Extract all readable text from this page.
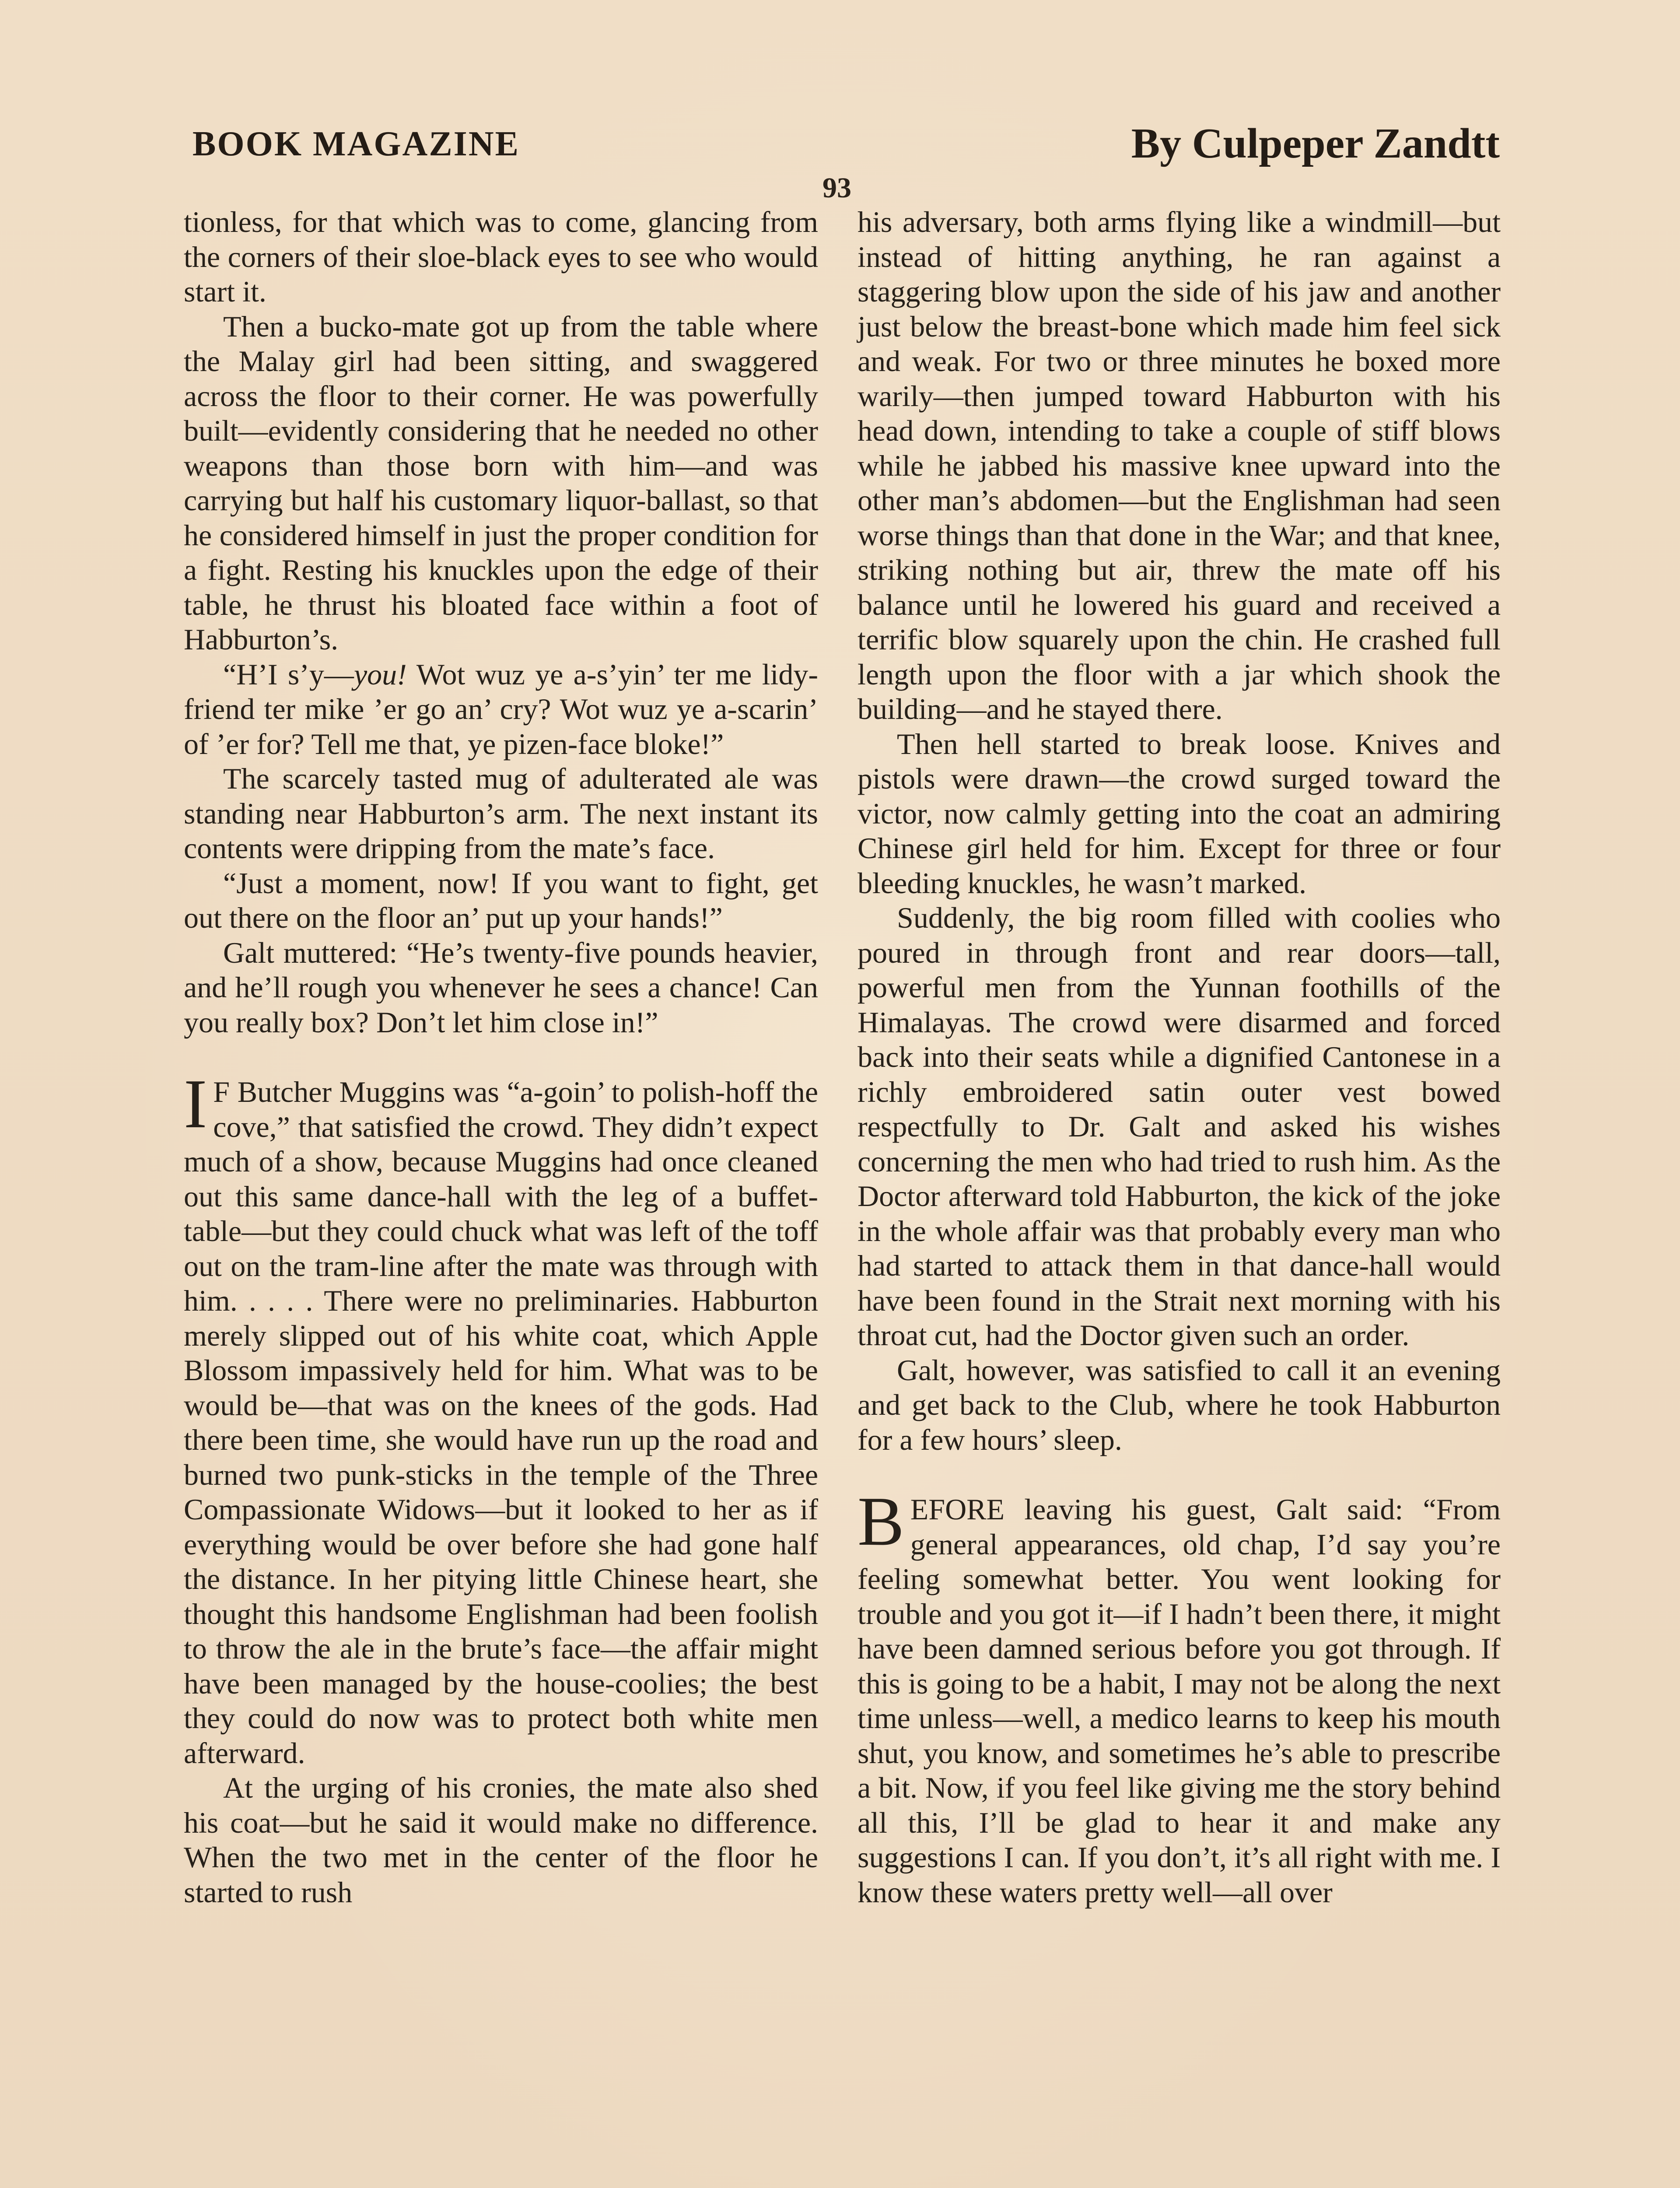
BOOK MAGAZINE	By Culpeper Zandtt
93

tionless, for that which was to come, glancing from the corners of their sloe-black eyes to see who would start it.

Then a bucko-mate got up from the table where the Malay girl had been sitting, and swaggered across the floor to their corner. He was powerfully built—evidently considering that he needed no other weapons than those born with him—and was carrying but half his customary liquor-ballast, so that he considered himself in just the proper condition for a fight. Resting his knuckles upon the edge of their table, he thrust his bloated face within a foot of Habburton’s.

“H’I s’y—you! Wot wuz ye a-s’yin’ ter me lidy-friend ter mike ’er go an’ cry? Wot wuz ye a-scarin’ of ’er for? Tell me that, ye pizen-face bloke!”

The scarcely tasted mug of adulterated ale was standing near Habburton’s arm. The next instant its contents were dripping from the mate’s face.

“Just a moment, now! If you want to fight, get out there on the floor an’ put up your hands!”

Galt muttered: “He’s twenty-five pounds heavier, and he’ll rough you whenever he sees a chance! Can you really box? Don’t let him close in!”

I F Butcher Muggins was “a-goin’ to polish-hoff the cove,” that satisfied the crowd. They didn’t expect much of a show, because Muggins had once cleaned out this same dance-hall with the leg of a buffet-table—but they could chuck what was left of the toff out on the tram-line after the mate was through with him. . . . . There were no preliminaries. Habburton merely slipped out of his white coat, which Apple Blossom impassively held for him. What was to be would be—that was on the knees of the gods. Had there been time, she would have run up the road and burned two punk-sticks in the temple of the Three Compassionate Widows—but it looked to her as if everything would be over before she had gone half the distance. In her pitying little Chinese heart, she thought this handsome Englishman had been foolish to throw the ale in the brute’s face—the affair might have been managed by the house-coolies; the best they could do now was to protect both white men afterward.

At the urging of his cronies, the mate also shed his coat—but he said it would make no difference. When the two met in the center of the floor he started to rush

his adversary, both arms flying like a windmill—but instead of hitting anything, he ran against a staggering blow upon the side of his jaw and another just below the breast-bone which made him feel sick and weak. For two or three minutes he boxed more warily—then jumped toward Habburton with his head down, intending to take a couple of stiff blows while he jabbed his massive knee upward into the other man’s abdomen—but the Englishman had seen worse things than that done in the War; and that knee, striking nothing but air, threw the mate off his balance until he lowered his guard and received a terrific blow squarely upon the chin. He crashed full length upon the floor with a jar which shook the building—and he stayed there.

Then hell started to break loose. Knives and pistols were drawn—the crowd surged toward the victor, now calmly getting into the coat an admiring Chinese girl held for him. Except for three or four bleeding knuckles, he wasn’t marked.

Suddenly, the big room filled with coolies who poured in through front and rear doors—tall, powerful men from the Yunnan foothills of the Himalayas. The crowd were disarmed and forced back into their seats while a dignified Cantonese in a richly embroidered satin outer vest bowed respectfully to Dr. Galt and asked his wishes concerning the men who had tried to rush him. As the Doctor afterward told Habburton, the kick of the joke in the whole affair was that probably every man who had started to attack them in that dance-hall would have been found in the Strait next morning with his throat cut, had the Doctor given such an order.

Galt, however, was satisfied to call it an evening and get back to the Club, where he took Habburton for a few hours’ sleep.

BEFORE leaving his guest, Galt said: “From general appearances, old chap, I’d say you’re feeling somewhat better. You went looking for trouble and you got it—if I hadn’t been there, it might have been damned serious before you got through. If this is going to be a habit, I may not be along the next time unless—well, a medico learns to keep his mouth shut, you know, and sometimes he’s able to prescribe a bit. Now, if you feel like giving me the story behind all this, I’ll be glad to hear it and make any suggestions I can. If you don’t, it’s all right with me. I know these waters pretty well—all over
